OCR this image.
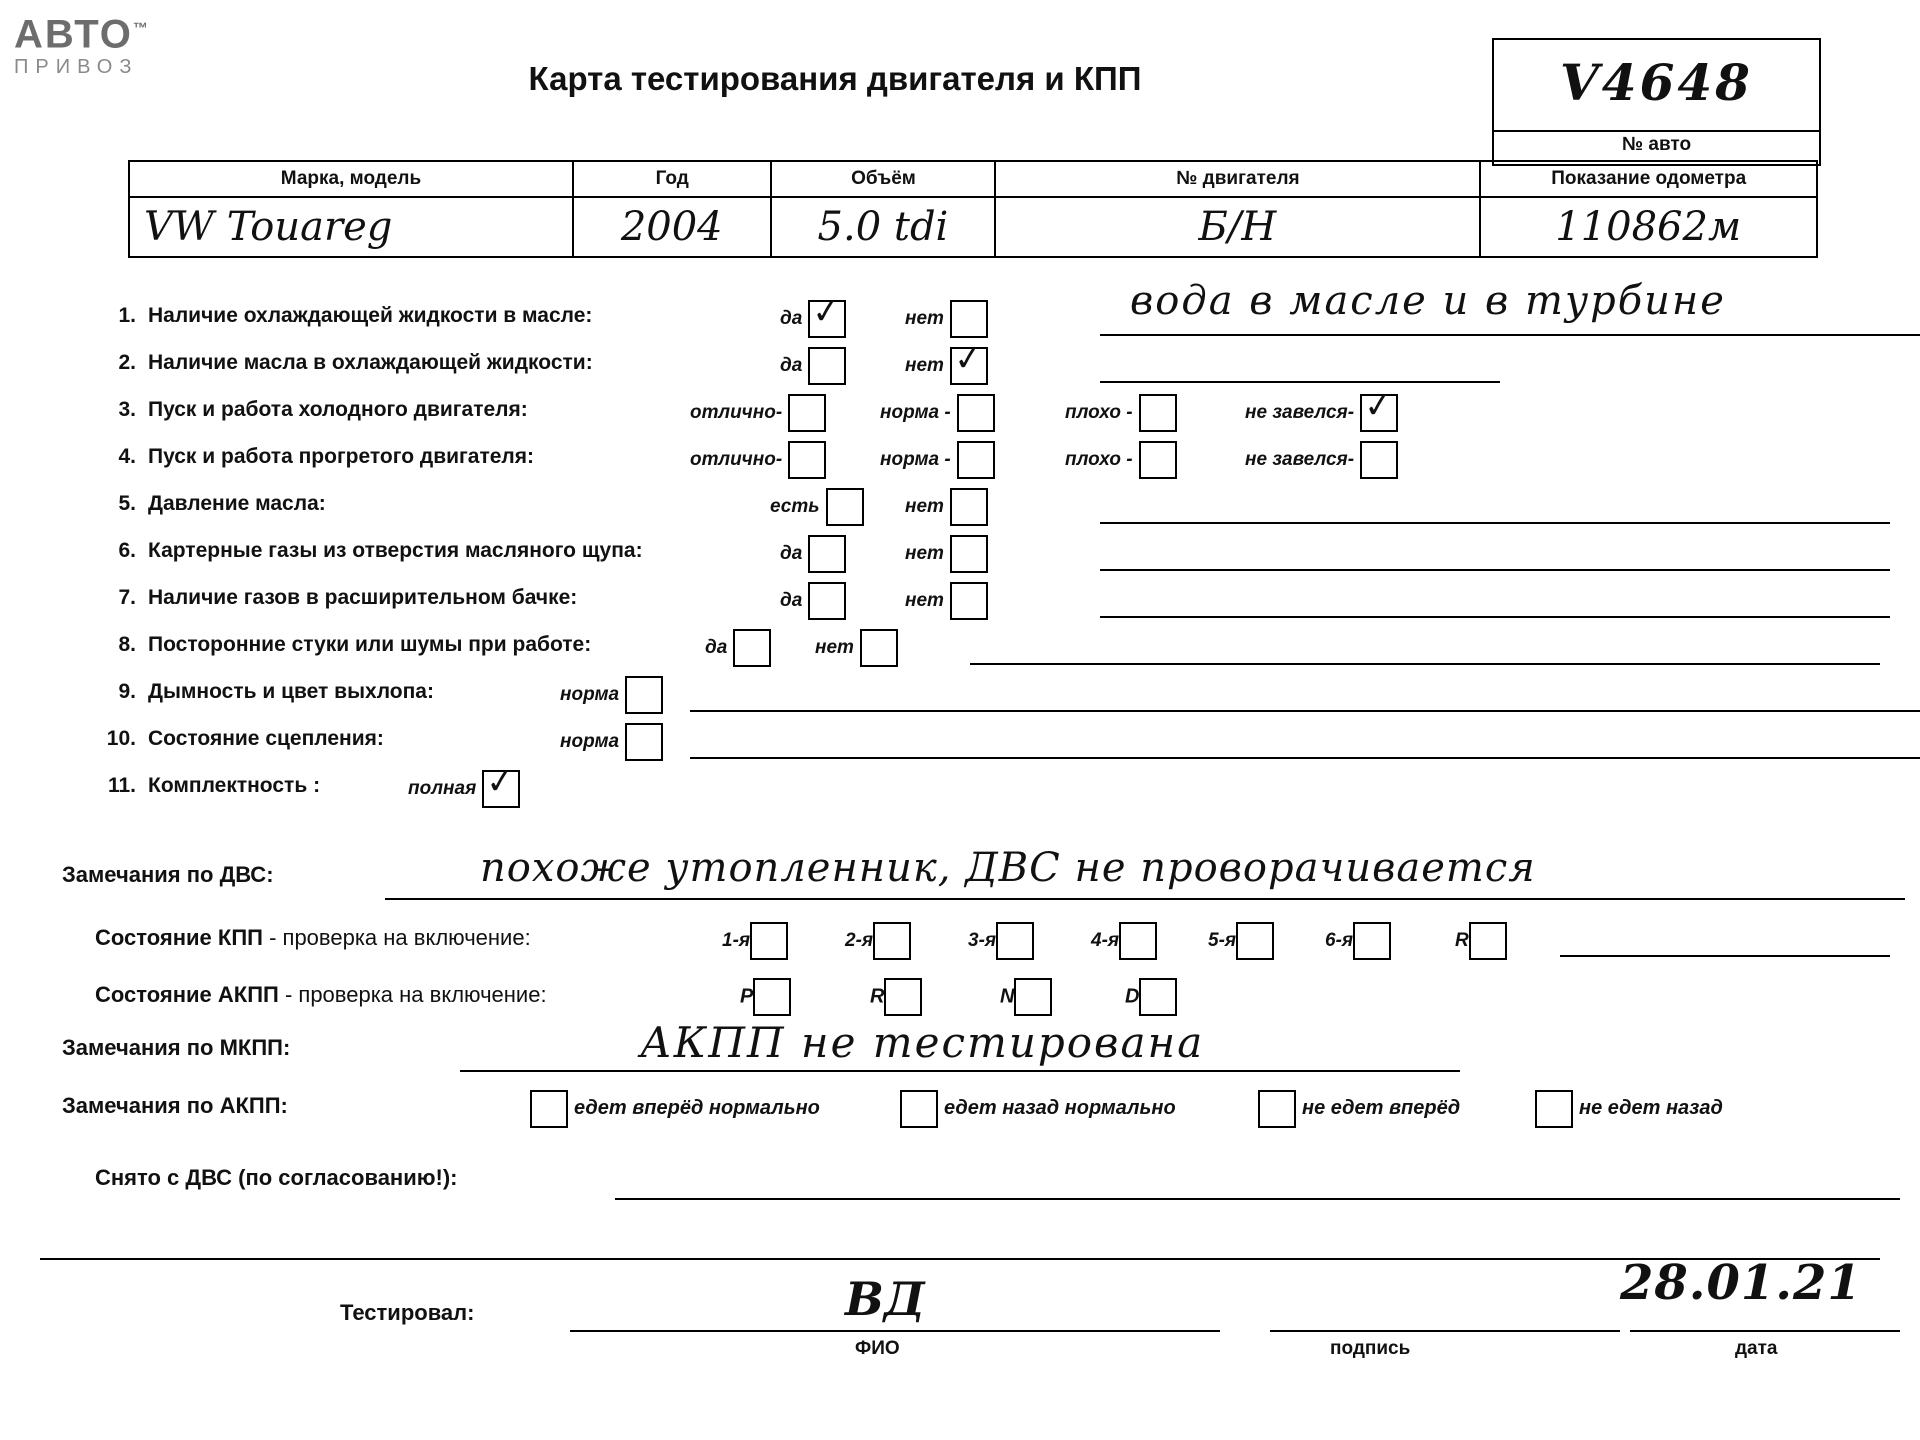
АВТО™
ПРИВОЗ	Карта тестирования двигателя и КПП	V4648
№ авто
Марка, модель	Год	Объём	№ двигателя	Показание одометра
VW Touareg	2004	5.0 tdi	Б/Н	110862м
1. Наличие охлаждающей жидкости в масле:	да ✓	нет	вода в масле и в турбине
2. Наличие масла в охлаждающей жидкости:	да	нет✓
3. Пуск и работа холодного двигателя:	отлично-	норма -	плохо -	не завелся-✓
4. Пуск и работа прогретого двигателя:	отлично-	норма -	плохо -	не завелся-
5. Давление масла:	есть	нет
6. Картерные газы из отверстия масляного щупа:	да	нет
7. Наличие газов в расширительном бачке:	да	нет
8. Посторонние стуки или шумы при работе:	да	нет
9. Дымность и цвет выхлопа:	норма
10. Состояние сцепления:	норма
11. Комплектность :	полная✓
Замечания по ДВС:	похоже утопленник, ДВС не проворачивается
Состояние КПП - проверка на включение:	1-я	2-я	3-я	4-я	5-я	6-я	R
Состояние АКПП - проверка на включение:	P	R	N	D
Замечания по МКПП:	АКПП не тестирована
Замечания по АКПП:	едет вперёд нормально	едет назад нормально	не едет вперёд	не едет назад
Снято с ДВС (по согласованию!):
Тестировал:	ВД	28.01.21
ФИО	подпись	дата
